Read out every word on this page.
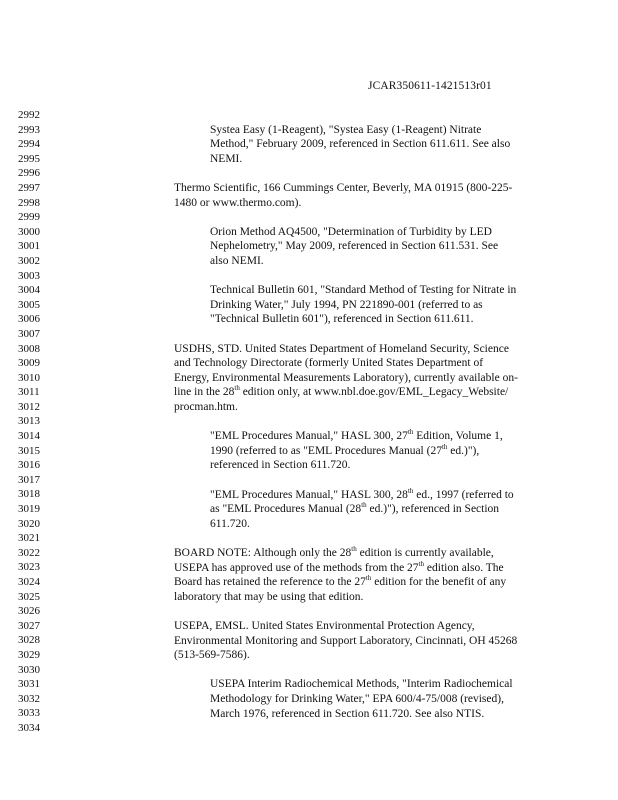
JCAR350611-1421513r01
2992
2993
2994
2995
2996
2997
2998
2999
3000
3001
3002
3003
3004
3005
3006
3007
3008
3009
3010
3011
3012
3013
3014
3015
3016
3017
3018
3019
3020
3021
3022
3023
3024
3025
3026
3027
3028
3029
3030
3031
3032
3033
3034
Systea Easy (1-Reagent), "Systea Easy (1-Reagent) Nitrate
Method," February 2009, referenced in Section 611.611. See also
NEMI.
Thermo Scientific, 166 Cummings Center, Beverly, MA 01915 (800-225-
1480 or www.thermo.com).
Orion Method AQ4500, "Determination of Turbidity by LED
Nephelometry," May 2009, referenced in Section 611.531. See
also NEMI.
Technical Bulletin 601, "Standard Method of Testing for Nitrate in
Drinking Water," July 1994, PN 221890-001 (referred to as
"Technical Bulletin 601"), referenced in Section 611.611.
USDHS, STD. United States Department of Homeland Security, Science
and Technology Directorate (formerly United States Department of
Energy, Environmental Measurements Laboratory), currently available on-
line in the 28th edition only, at www.nbl.doe.gov/EML_Legacy_Website/
procman.htm.
"EML Procedures Manual," HASL 300, 27th Edition, Volume 1,
1990 (referred to as "EML Procedures Manual (27th ed.)"),
referenced in Section 611.720.
"EML Procedures Manual," HASL 300, 28th ed., 1997 (referred to
as "EML Procedures Manual (28th ed.)"), referenced in Section
611.720.
BOARD NOTE: Although only the 28th edition is currently available,
USEPA has approved use of the methods from the 27th edition also. The
Board has retained the reference to the 27th edition for the benefit of any
laboratory that may be using that edition.
USEPA, EMSL. United States Environmental Protection Agency,
Environmental Monitoring and Support Laboratory, Cincinnati, OH 45268
(513-569-7586).
USEPA Interim Radiochemical Methods, "Interim Radiochemical
Methodology for Drinking Water," EPA 600/4-75/008 (revised),
March 1976, referenced in Section 611.720. See also NTIS.
